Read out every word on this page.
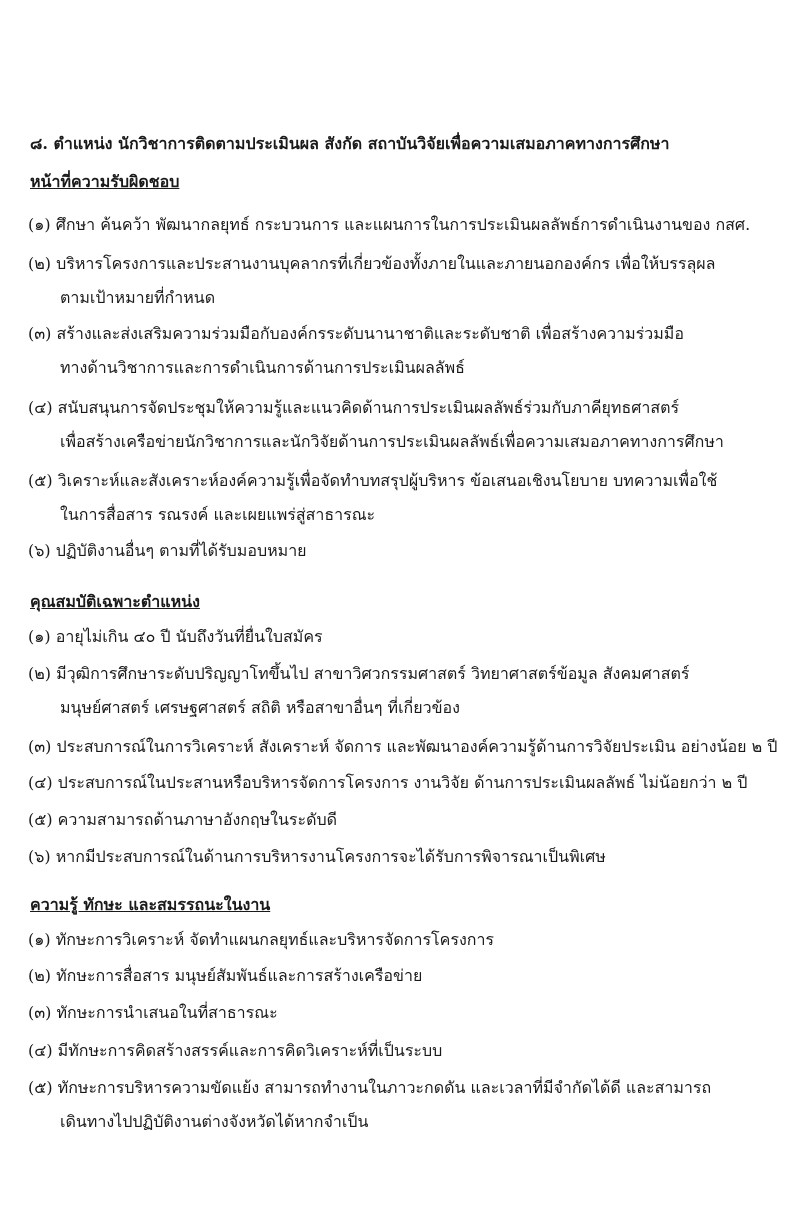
๘. ตำแหน่ง นักวิชาการติดตามประเมินผล สังกัด สถาบันวิจัยเพื่อความเสมอภาคทางการศึกษา
หน้าที่ความรับผิดชอบ
(๑) ศึกษา ค้นคว้า พัฒนากลยุทธ์ กระบวนการ และแผนการในการประเมินผลลัพธ์การดำเนินงานของ กสศ.
(๒) บริหารโครงการและประสานงานบุคลากรที่เกี่ยวข้องทั้งภายในและภายนอกองค์กร เพื่อให้บรรลุผล
ตามเป้าหมายที่กำหนด
(๓) สร้างและส่งเสริมความร่วมมือกับองค์กรระดับนานาชาติและระดับชาติ เพื่อสร้างความร่วมมือ
ทางด้านวิชาการและการดำเนินการด้านการประเมินผลลัพธ์
(๔) สนับสนุนการจัดประชุมให้ความรู้และแนวคิดด้านการประเมินผลลัพธ์ร่วมกับภาคียุทธศาสตร์
เพื่อสร้างเครือข่ายนักวิชาการและนักวิจัยด้านการประเมินผลลัพธ์เพื่อความเสมอภาคทางการศึกษา
(๕) วิเคราะห์และสังเคราะห์องค์ความรู้เพื่อจัดทำบทสรุปผู้บริหาร ข้อเสนอเชิงนโยบาย บทความเพื่อใช้
ในการสื่อสาร รณรงค์ และเผยแพร่สู่สาธารณะ
(๖) ปฏิบัติงานอื่นๆ ตามที่ได้รับมอบหมาย
คุณสมบัติเฉพาะตำแหน่ง
(๑) อายุไม่เกิน ๔๐ ปี นับถึงวันที่ยื่นใบสมัคร
(๒) มีวุฒิการศึกษาระดับปริญญาโทขึ้นไป สาขาวิศวกรรมศาสตร์ วิทยาศาสตร์ข้อมูล สังคมศาสตร์
มนุษย์ศาสตร์ เศรษฐศาสตร์ สถิติ หรือสาขาอื่นๆ ที่เกี่ยวข้อง
(๓) ประสบการณ์ในการวิเคราะห์ สังเคราะห์ จัดการ และพัฒนาองค์ความรู้ด้านการวิจัยประเมิน อย่างน้อย ๒ ปี
(๔) ประสบการณ์ในประสานหรือบริหารจัดการโครงการ งานวิจัย ด้านการประเมินผลลัพธ์ ไม่น้อยกว่า ๒ ปี
(๕) ความสามารถด้านภาษาอังกฤษในระดับดี
(๖) หากมีประสบการณ์ในด้านการบริหารงานโครงการจะได้รับการพิจารณาเป็นพิเศษ
ความรู้ ทักษะ และสมรรถนะในงาน
(๑) ทักษะการวิเคราะห์ จัดทำแผนกลยุทธ์และบริหารจัดการโครงการ
(๒) ทักษะการสื่อสาร มนุษย์สัมพันธ์และการสร้างเครือข่าย
(๓) ทักษะการนำเสนอในที่สาธารณะ
(๔) มีทักษะการคิดสร้างสรรค์และการคิดวิเคราะห์ที่เป็นระบบ
(๕) ทักษะการบริหารความขัดแย้ง สามารถทำงานในภาวะกดดัน และเวลาที่มีจำกัดได้ดี และสามารถ
เดินทางไปปฏิบัติงานต่างจังหวัดได้หากจำเป็น
